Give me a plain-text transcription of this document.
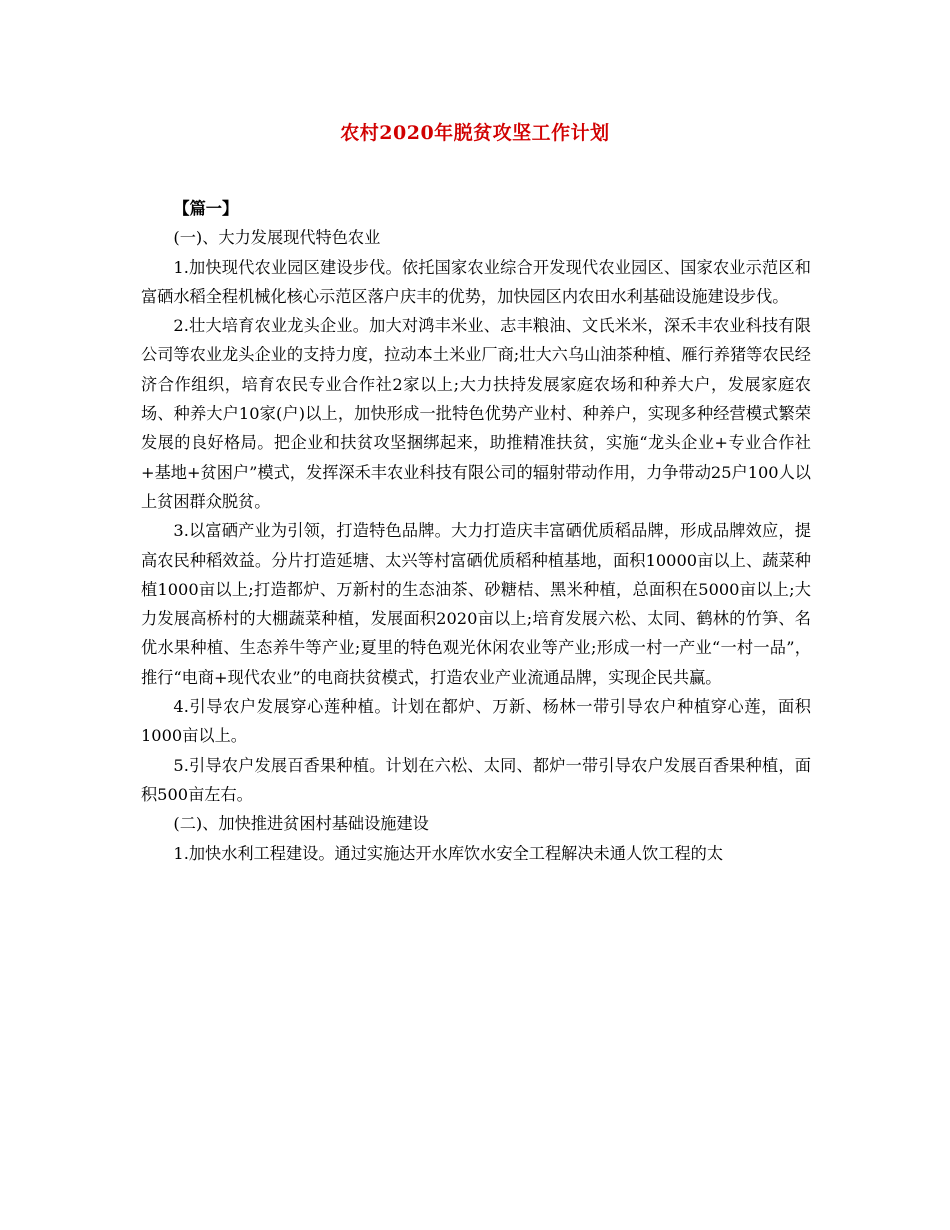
农村2020年脱贫攻坚工作计划

【篇一】

(一)、大力发展现代特色农业

1.加快现代农业园区建设步伐。依托国家农业综合开发现代农业园区、国家农业示范区和富硒水稻全程机械化核心示范区落户庆丰的优势，加快园区内农田水利基础设施建设步伐。

2.壮大培育农业龙头企业。加大对鸿丰米业、志丰粮油、文氏米米，深禾丰农业科技有限公司等农业龙头企业的支持力度，拉动本土米业厂商;壮大六乌山油茶种植、雁行养猪等农民经济合作组织，培育农民专业合作社2家以上;大力扶持发展家庭农场和种养大户，发展家庭农场、种养大户10家(户)以上，加快形成一批特色优势产业村、种养户，实现多种经营模式繁荣发展的良好格局。把企业和扶贫攻坚捆绑起来，助推精准扶贫，实施“龙头企业+专业合作社+基地+贫困户”模式，发挥深禾丰农业科技有限公司的辐射带动作用，力争带动25户100人以上贫困群众脱贫。

3.以富硒产业为引领，打造特色品牌。大力打造庆丰富硒优质稻品牌，形成品牌效应，提高农民种稻效益。分片打造延塘、太兴等村富硒优质稻种植基地，面积10000亩以上、蔬菜种植1000亩以上;打造都炉、万新村的生态油茶、砂糖桔、黑米种植，总面积在5000亩以上;大力发展高桥村的大棚蔬菜种植，发展面积2020亩以上;培育发展六松、太同、鹤林的竹笋、名优水果种植、生态养牛等产业;夏里的特色观光休闲农业等产业;形成一村一产业“一村一品”，推行“电商+现代农业”的电商扶贫模式，打造农业产业流通品牌，实现企民共赢。

4.引导农户发展穿心莲种植。计划在都炉、万新、杨林一带引导农户种植穿心莲，面积1000亩以上。

5.引导农户发展百香果种植。计划在六松、太同、都炉一带引导农户发展百香果种植，面积500亩左右。

(二)、加快推进贫困村基础设施建设

1.加快水利工程建设。通过实施达开水库饮水安全工程解决未通人饮工程的太
